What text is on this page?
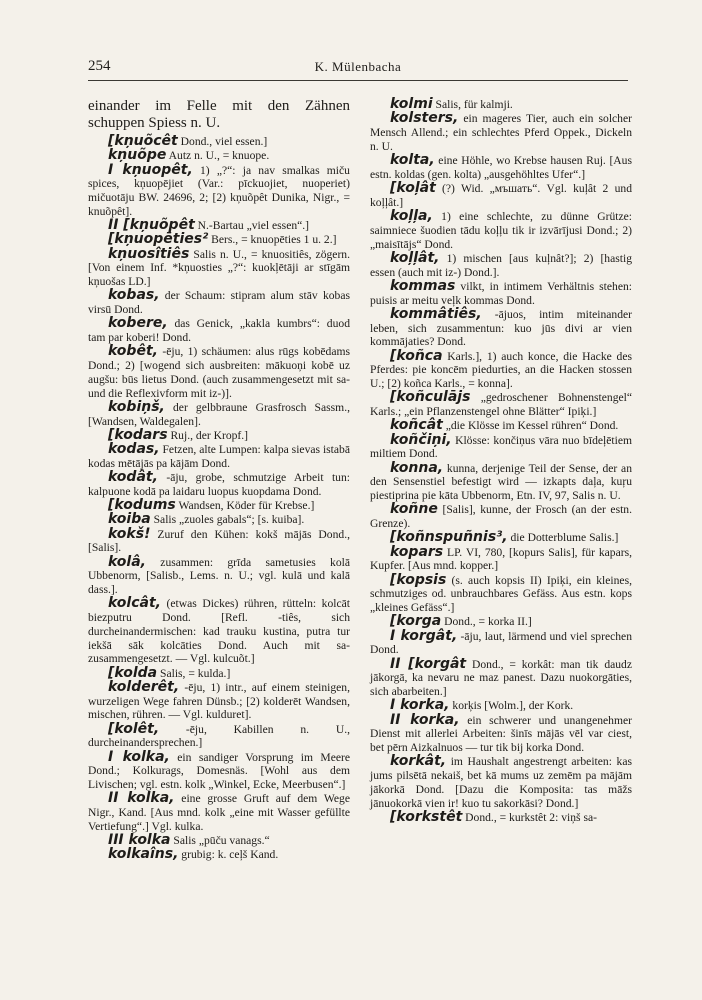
254	K. Mülenbacha

einander im Felle mit den Zähnen schuppen Spiess n. U.

[kņuõcêt Dond., viel essen.]

kņuõpe Autz n. U., = knuope.

I kņuopêt, 1) „?“: ja nav smalkas miču spices, kņuopējiet (Var.: pīckuojiet, nuoperiet) mičuotāju BW. 24696, 2; [2) kņuõpêt Dunika, Nigr., = knuõpêt].

II [kņuõpêt N.-Bartau „viel essen“.]

[kņuopēties² Bers., = knuopēties 1 u. 2.]

kņuosîtiês Salis n. U., = knuositiês, zögern. [Von einem Inf. *kņuosties „?“: kuokļētāji ar stīgām kņuošas LD.]

kobas, der Schaum: stipram alum stāv kobas virsū Dond.

kobere, das Genick, „kakla kumbrs“: duod tam par koberi! Dond.

kobêt, -ēju, 1) schäumen: alus rūgs kobēdams Dond.; 2) [wogend sich ausbreiten: mākuoņi kobē uz augšu: būs lietus Dond. (auch zusammengesetzt mit sa- und die Reflexivform mit iz-)].

kobiņš, der gelbbraune Grasfrosch Sassm., [Wandsen, Waldegalen].

[kodars Ruj., der Kropf.]

kodas, Fetzen, alte Lumpen: kalpa sievas istabā kodas mētājās pa kājām Dond.

kodât, -āju, grobe, schmutzige Arbeit tun: kalpuone kodā pa laidaru luopus kuopdama Dond.

[kodums Wandsen, Köder für Krebse.]

koiba Salis „zuoles gabals“; [s. kuiba].

kokš! Zuruf den Kühen: kokš mājās Dond., [Salis].

kolâ, zusammen: grīda sametusies kolā Ubbenorm, [Salisb., Lems. n. U.; vgl. kulā und kalā dass.].

kolcât, (etwas Dickes) rühren, rütteln: kolcāt biezputru Dond. [Refl. -tiês, sich durcheinandermischen: kad trauku kustina, putra tur iekšā sāk kolcāties Dond. Auch mit sa- zusammengesetzt. — Vgl. kulcuõt.]

[kolda Salis, = kulda.]

kolderêt, -ēju, 1) intr., auf einem steinigen, wurzeligen Wege fahren Dünsb.; [2) kolderēt Wandsen, mischen, rühren. — Vgl. kulduret].

[kolêt, -ēju, Kabillen n. U., durcheinandersprechen.]

I kolka, ein sandiger Vorsprung im Meere Dond.; Kolkurags, Domesnäs. [Wohl aus dem Livischen; vgl. estn. kolk „Winkel, Ecke, Meerbusen“.]

II kolka, eine grosse Gruft auf dem Wege Nigr., Kand. [Aus mnd. kolk „eine mit Wasser gefüllte Vertiefung“.] Vgl. kulka.

III kolka Salis „pūču vanags.“

kolkaîns, grubig: k. ceļš Kand.

kolmi Salis, für kalmji.

kolsters, ein mageres Tier, auch ein solcher Mensch Allend.; ein schlechtes Pferd Oppek., Dickeln n. U.

kolta, eine Höhle, wo Krebse hausen Ruj. [Aus estn. koldas (gen. kolta) „ausgehöhltes Ufer“.]

[koļât (?) Wid. „мъшать“. Vgl. kuļât 2 und koļļât.]

koļļa, 1) eine schlechte, zu dünne Grütze: saimniece šuodien tādu koļļu tik ir izvārījusi Dond.; 2) „maisītājs“ Dond.

koļļât, 1) mischen [aus kuļnât?]; 2) [hastig essen (auch mit iz-) Dond.].

kommas vilkt, in intimem Verhältnis stehen: puisis ar meitu veļk kommas Dond.

kommâtiês, -ājuos, intim miteinander leben, sich zusammentun: kuo jūs divi ar vien kommājaties? Dond.

[koñca Karls.], 1) auch konce, die Hacke des Pferdes: pie koncēm piedurties, an die Hacken stossen U.; [2) koñca Karls., = konna].

[koñculājs „gedroschener Bohnenstengel“ Karls.; „ein Pflanzenstengel ohne Blätter“ Ipiķi.]

koñcât „die Klösse im Kessel rühren“ Dond.

koñčiņi, Klösse: končiņus vāra nuo bīdeļētiem miltiem Dond.

konna, kunna, derjenige Teil der Sense, der an den Sensenstiel befestigt wird — izkapts daļa, kuŗu piestiprina pie kāta Ubbenorm, Etn. IV, 97, Salis n. U.

koñne [Salis], kunne, der Frosch (an der estn. Grenze).

[koñnspuñnis³, die Dotterblume Salis.]

kopars LP. VI, 780, [kopurs Salis], für kapars, Kupfer. [Aus mnd. kopper.]

[kopsis (s. auch kopsis II) Ipiķi, ein kleines, schmutziges od. unbrauchbares Gefäss. Aus estn. kops „kleines Gefäss“.]

[korga Dond., = korka II.]

I korgât, -āju, laut, lärmend und viel sprechen Dond.

II [korgât Dond., = korkât: man tik daudz jākorgā, ka nevaru ne maz panest. Dazu nuokorgāties, sich abarbeiten.]

I korka, korķis [Wolm.], der Kork.

II korka, ein schwerer und unangenehmer Dienst mit allerlei Arbeiten: šinīs mājās vēl var ciest, bet pērn Aizkalnuos — tur tik bij korka Dond.

korkât, im Haushalt angestrengt arbeiten: kas jums pilsētā nekaiš, bet kā mums uz zemēm pa mājām jākorkā Dond. [Dazu die Komposita: tas māžs jānuokorkā vien ir! kuo tu sakorkāsi? Dond.]

[korkstêt Dond., = kurkstêt 2: viņš sa-
